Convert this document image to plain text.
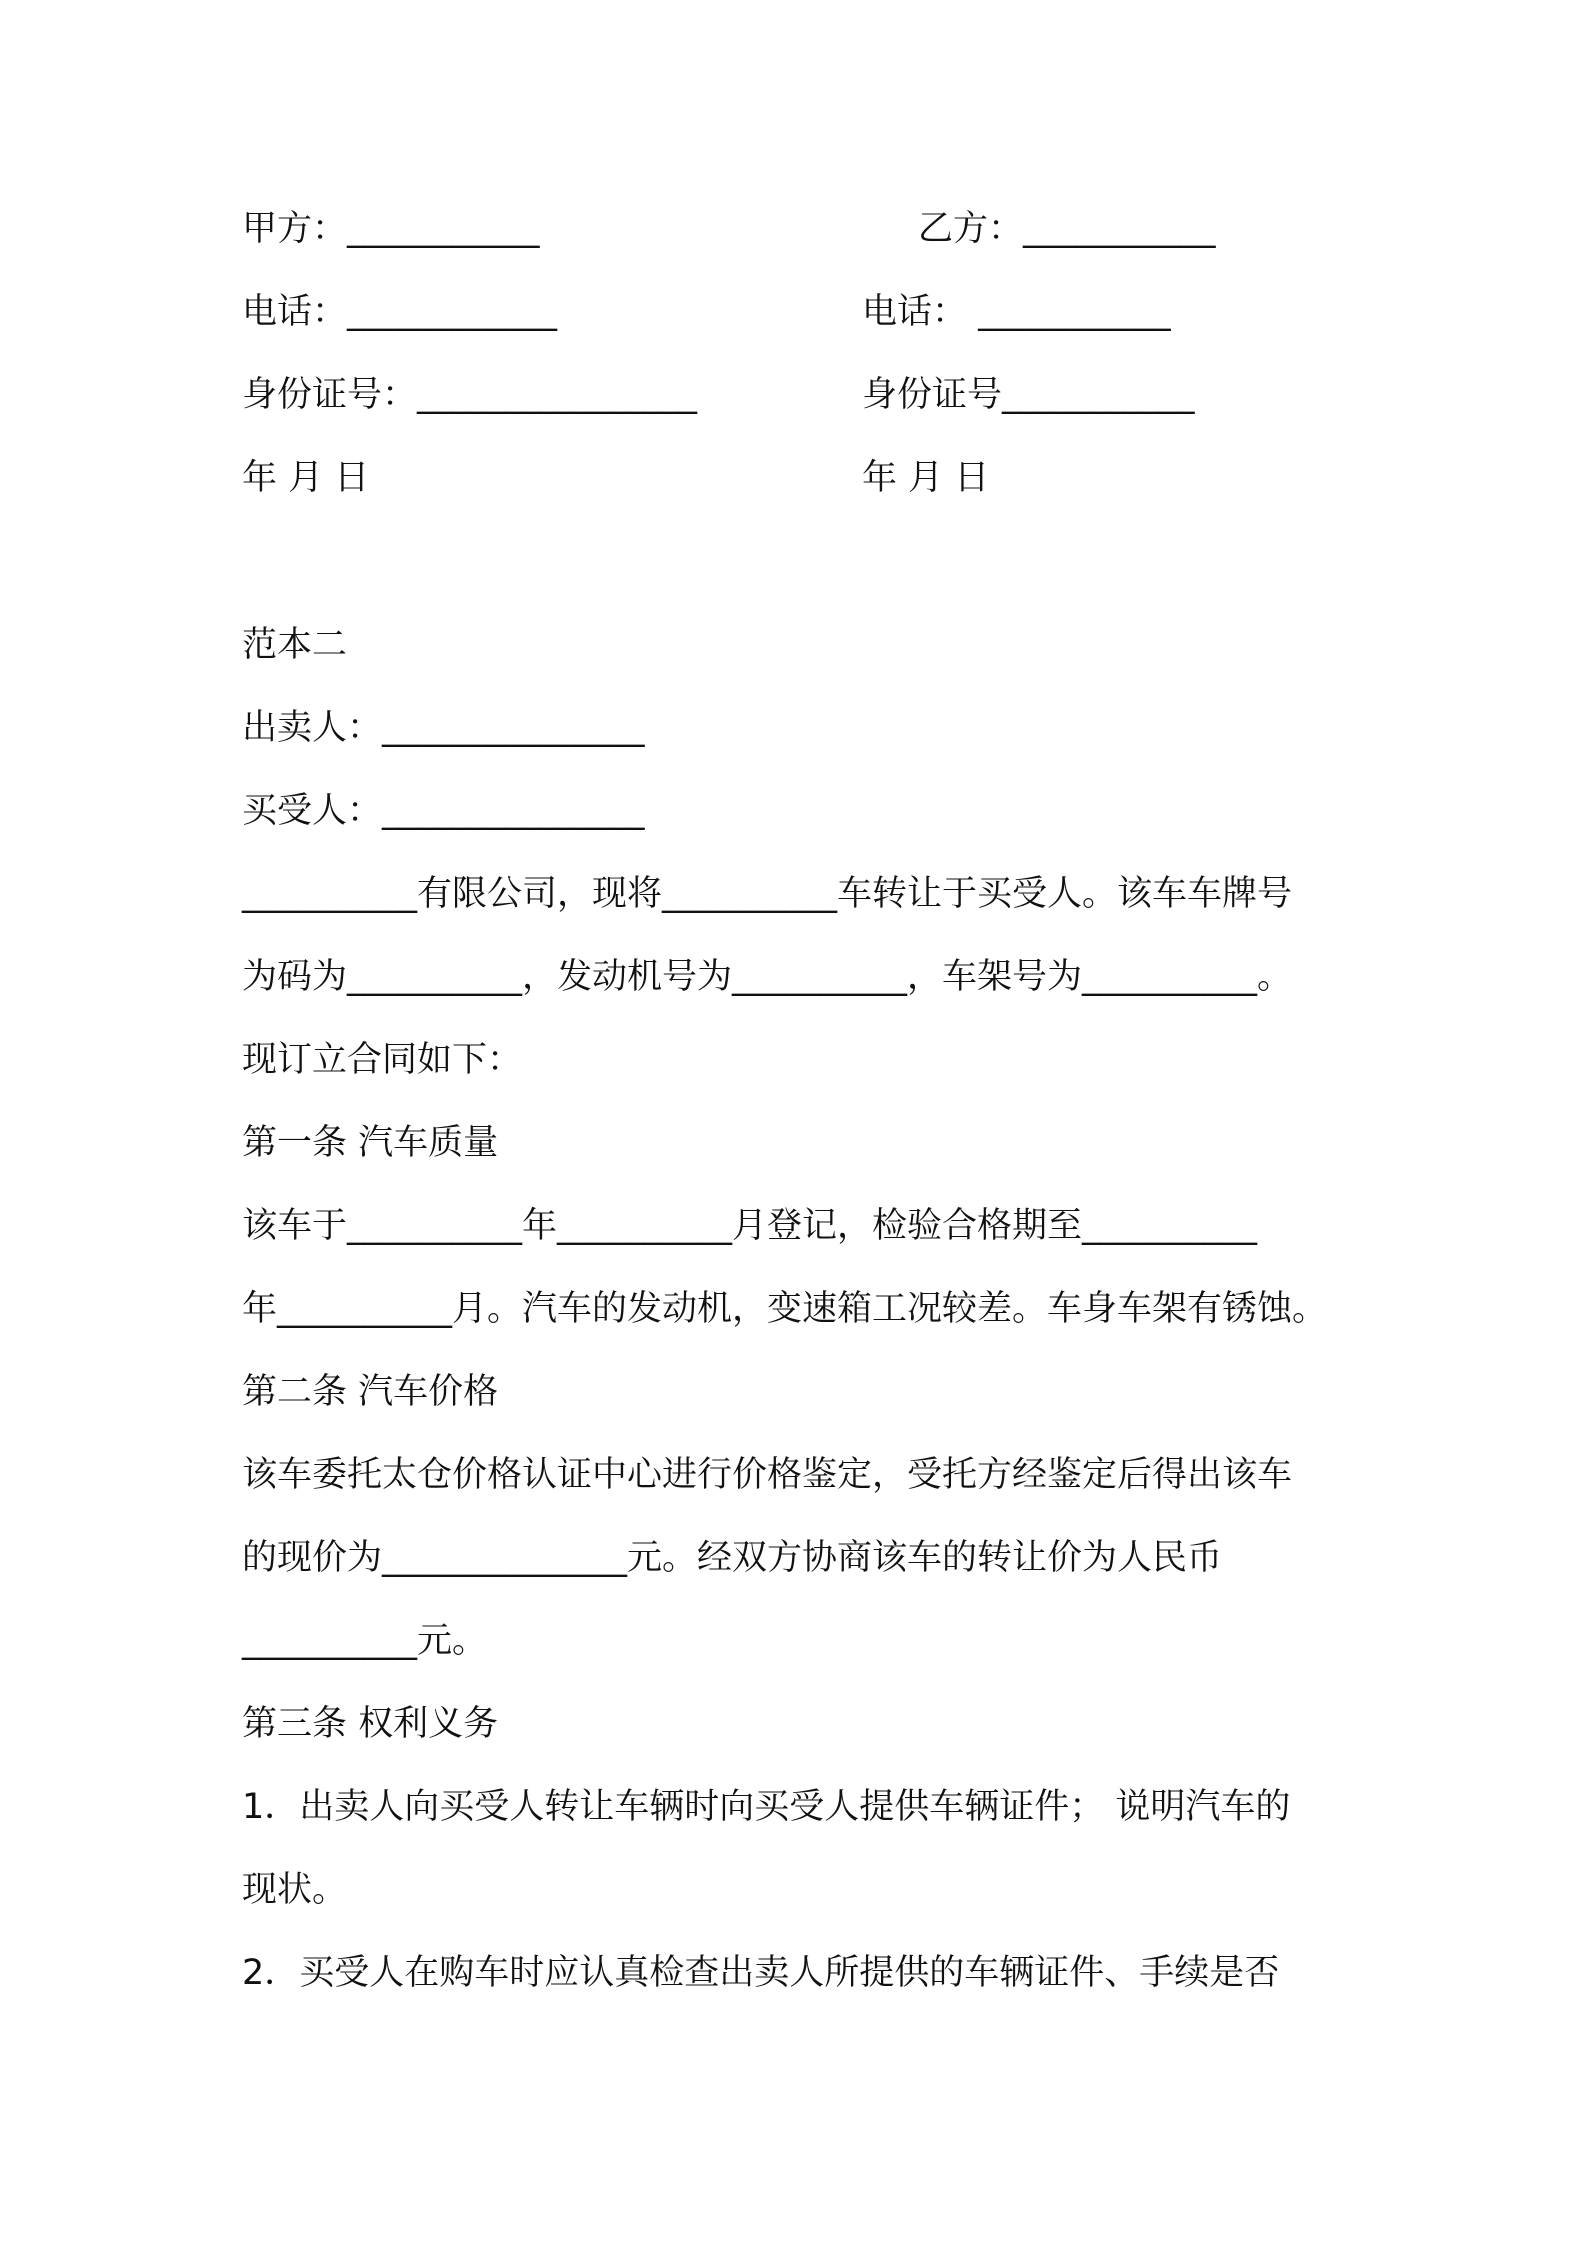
甲方：___________	乙方：___________
电话：____________	电话： ___________
身份证号：________________	身份证号___________
年 月 日	年 月 日
范本二
出卖人：_______________
买受人：_______________
__________有限公司，现将__________车转让于买受人。该车车牌号
为码为__________，发动机号为__________，车架号为__________。
现订立合同如下：
第一条 汽车质量
该车于__________年__________月登记，检验合格期至__________
年__________月。汽车的发动机，变速箱工况较差。车身车架有锈蚀。
第二条 汽车价格
该车委托太仓价格认证中心进行价格鉴定，受托方经鉴定后得出该车
的现价为______________元。经双方协商该车的转让价为人民币
__________元。
第三条 权利义务
1．出卖人向买受人转让车辆时向买受人提供车辆证件； 说明汽车的
现状。
2．买受人在购车时应认真检查出卖人所提供的车辆证件、手续是否
